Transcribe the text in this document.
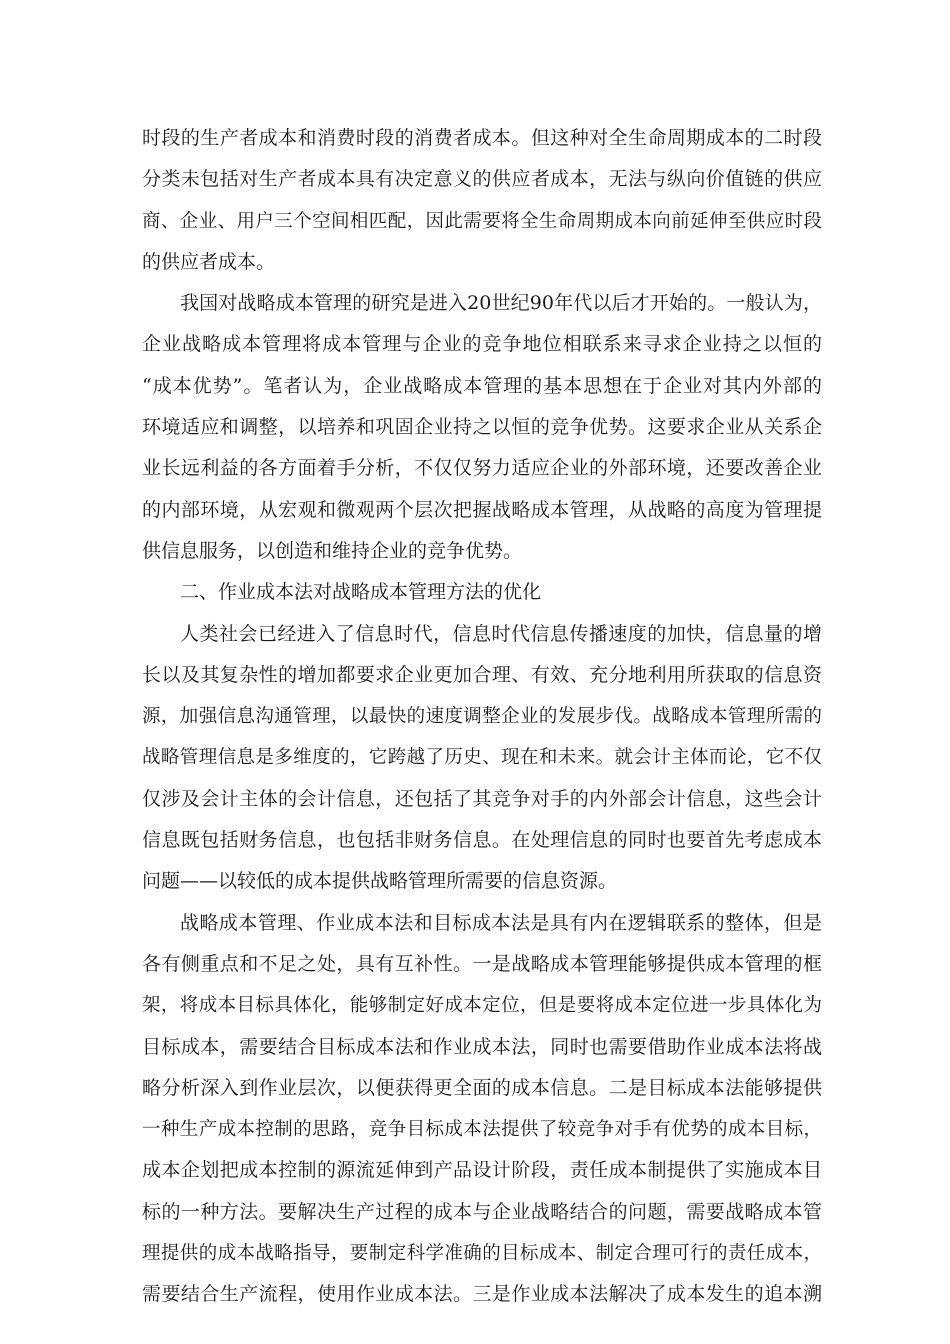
时段的生产者成本和消费时段的消费者成本。但这种对全生命周期成本的二时段
分类未包括对生产者成本具有决定意义的供应者成本，无法与纵向价值链的供应
商、企业、用户三个空间相匹配，因此需要将全生命周期成本向前延伸至供应时段
的供应者成本。
我国对战略成本管理的研究是进入20世纪90年代以后才开始的。一般认为，
企业战略成本管理将成本管理与企业的竞争地位相联系来寻求企业持之以恒的
“成本优势”。笔者认为，企业战略成本管理的基本思想在于企业对其内外部的
环境适应和调整，以培养和巩固企业持之以恒的竞争优势。这要求企业从关系企
业长远利益的各方面着手分析，不仅仅努力适应企业的外部环境，还要改善企业
的内部环境，从宏观和微观两个层次把握战略成本管理，从战略的高度为管理提
供信息服务，以创造和维持企业的竞争优势。
二、作业成本法对战略成本管理方法的优化
人类社会已经进入了信息时代，信息时代信息传播速度的加快，信息量的增
长以及其复杂性的增加都要求企业更加合理、有效、充分地利用所获取的信息资
源，加强信息沟通管理，以最快的速度调整企业的发展步伐。战略成本管理所需的
战略管理信息是多维度的，它跨越了历史、现在和未来。就会计主体而论，它不仅
仅涉及会计主体的会计信息，还包括了其竞争对手的内外部会计信息，这些会计
信息既包括财务信息，也包括非财务信息。在处理信息的同时也要首先考虑成本
问题——以较低的成本提供战略管理所需要的信息资源。
战略成本管理、作业成本法和目标成本法是具有内在逻辑联系的整体，但是
各有侧重点和不足之处，具有互补性。一是战略成本管理能够提供成本管理的框
架，将成本目标具体化，能够制定好成本定位，但是要将成本定位进一步具体化为
目标成本，需要结合目标成本法和作业成本法，同时也需要借助作业成本法将战
略分析深入到作业层次，以便获得更全面的成本信息。二是目标成本法能够提供
一种生产成本控制的思路，竞争目标成本法提供了较竞争对手有优势的成本目标，
成本企划把成本控制的源流延伸到产品设计阶段，责任成本制提供了实施成本目
标的一种方法。要解决生产过程的成本与企业战略结合的问题，需要战略成本管
理提供的成本战略指导，要制定科学准确的目标成本、制定合理可行的责任成本，
需要结合生产流程，使用作业成本法。三是作业成本法解决了成本发生的追本溯
